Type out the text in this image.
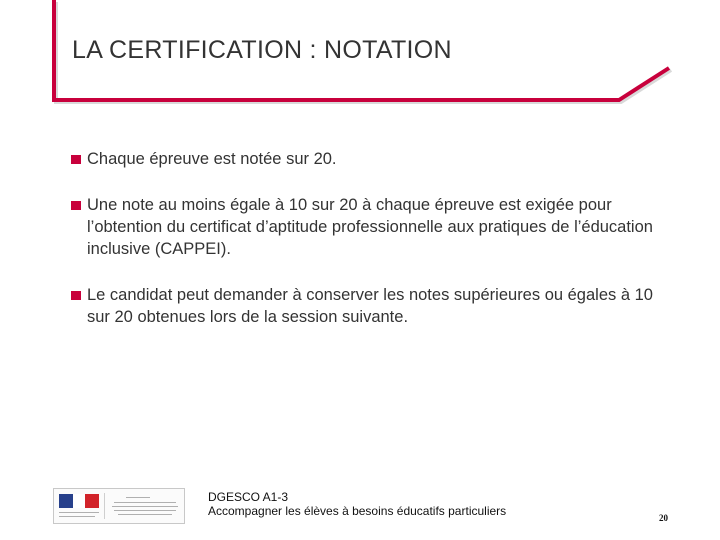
LA CERTIFICATION : NOTATION
Chaque épreuve est notée sur 20.
Une note au moins égale à 10 sur 20 à chaque épreuve est exigée pour l’obtention du certificat d’aptitude professionnelle aux pratiques de l’éducation inclusive (CAPPEI).
Le candidat peut demander à conserver les notes supérieures ou égales à 10 sur 20 obtenues lors de la session suivante.
DGESCO A1-3
Accompagner les élèves à besoins éducatifs particuliers	20
